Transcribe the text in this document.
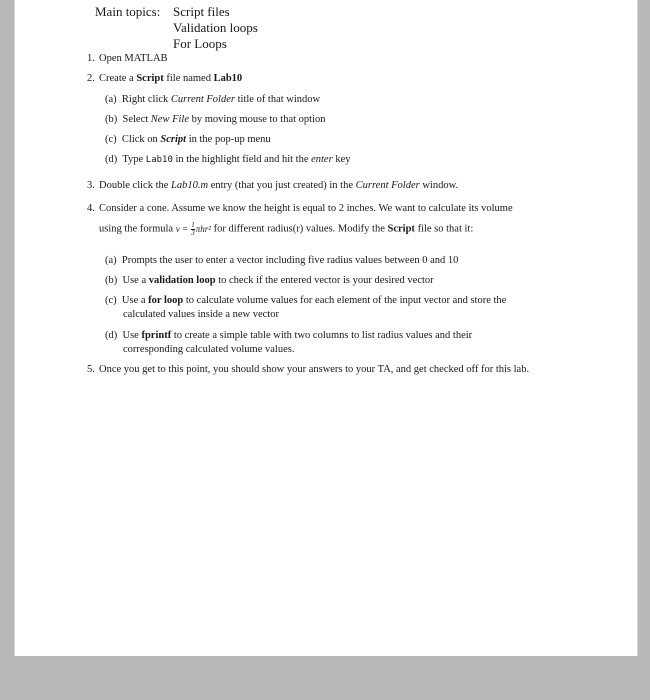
Main topics: Script files
Validation loops
For Loops
1. Open MATLAB
2. Create a Script file named Lab10
(a) Right click Current Folder title of that window
(b) Select New File by moving mouse to that option
(c) Click on Script in the pop-up menu
(d) Type Lab10 in the highlight field and hit the enter key
3. Double click the Lab10.m entry (that you just created) in the Current Folder window.
4. Consider a cone. Assume we know the height is equal to 2 inches. We want to calculate its volume
using the formula $v = \frac{1}{3} \pi hr^2$ for different radius(r) values. Modify the Script file so that it:
(a) Prompts the user to enter a vector including five radius values between 0 and 10
(b) Use a validation loop to check if the entered vector is your desired vector
(c) Use a for loop to calculate volume values for each element of the input vector and store the
calculated values inside a new vector
(d) Use fprintf to create a simple table with two columns to list radius values and their
corresponding calculated volume values.
5. Once you get to this point, you should show your answers to your TA, and get checked off for this lab.
